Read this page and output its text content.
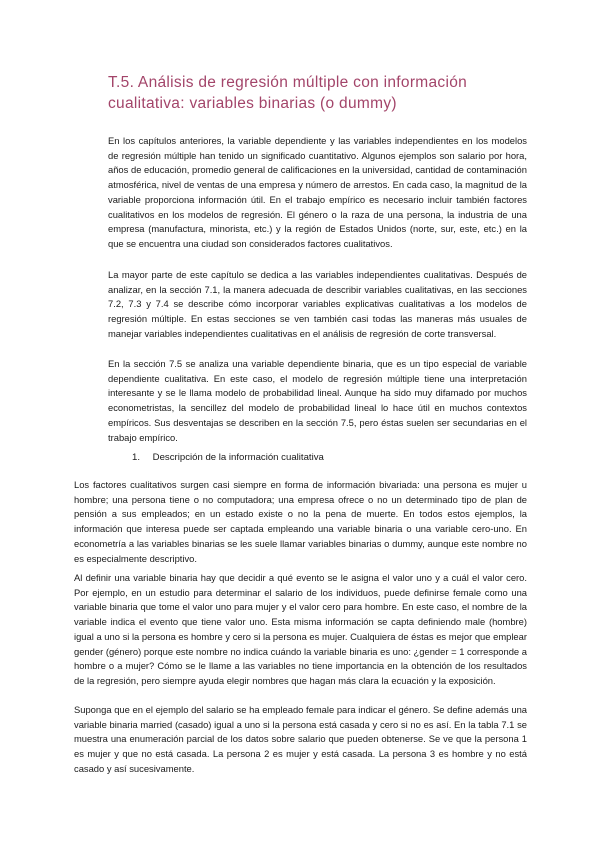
T.5. Análisis de regresión múltiple con información cualitativa: variables binarias (o dummy)

En los capítulos anteriores, la variable dependiente y las variables independientes en los modelos de regresión múltiple han tenido un significado cuantitativo. Algunos ejemplos son salario por hora, años de educación, promedio general de calificaciones en la universidad, cantidad de contaminación atmosférica, nivel de ventas de una empresa y número de arrestos. En cada caso, la magnitud de la variable proporciona información útil. En el trabajo empírico es necesario incluir también factores cualitativos en los modelos de regresión. El género o la raza de una persona, la industria de una empresa (manufactura, minorista, etc.) y la región de Estados Unidos (norte, sur, este, etc.) en la que se encuentra una ciudad son considerados factores cualitativos.

La mayor parte de este capítulo se dedica a las variables independientes cualitativas. Después de analizar, en la sección 7.1, la manera adecuada de describir variables cualitativas, en las secciones 7.2, 7.3 y 7.4 se describe cómo incorporar variables explicativas cualitativas a los modelos de regresión múltiple. En estas secciones se ven también casi todas las maneras más usuales de manejar variables independientes cualitativas en el análisis de regresión de corte transversal.

En la sección 7.5 se analiza una variable dependiente binaria, que es un tipo especial de variable dependiente cualitativa. En este caso, el modelo de regresión múltiple tiene una interpretación interesante y se le llama modelo de probabilidad lineal. Aunque ha sido muy difamado por muchos econometristas, la sencillez del modelo de probabilidad lineal lo hace útil en muchos contextos empíricos. Sus desventajas se describen en la sección 7.5, pero éstas suelen ser secundarias en el trabajo empírico.

1. Descripción de la información cualitativa

Los factores cualitativos surgen casi siempre en forma de información bivariada: una persona es mujer u hombre; una persona tiene o no computadora; una empresa ofrece o no un determinado tipo de plan de pensión a sus empleados; en un estado existe o no la pena de muerte. En todos estos ejemplos, la información que interesa puede ser captada empleando una variable binaria o una variable cero-uno. En econometría a las variables binarias se les suele llamar variables binarias o dummy, aunque este nombre no es especialmente descriptivo.

Al definir una variable binaria hay que decidir a qué evento se le asigna el valor uno y a cuál el valor cero. Por ejemplo, en un estudio para determinar el salario de los individuos, puede definirse female como una variable binaria que tome el valor uno para mujer y el valor cero para hombre. En este caso, el nombre de la variable indica el evento que tiene valor uno. Esta misma información se capta definiendo male (hombre) igual a uno si la persona es hombre y cero si la persona es mujer. Cualquiera de éstas es mejor que emplear gender (género) porque este nombre no indica cuándo la variable binaria es uno: ¿gender = 1 corresponde a hombre o a mujer? Cómo se le llame a las variables no tiene importancia en la obtención de los resultados de la regresión, pero siempre ayuda elegir nombres que hagan más clara la ecuación y la exposición.

Suponga que en el ejemplo del salario se ha empleado female para indicar el género. Se define además una variable binaria married (casado) igual a uno si la persona está casada y cero si no es así. En la tabla 7.1 se muestra una enumeración parcial de los datos sobre salario que pueden obtenerse. Se ve que la persona 1 es mujer y que no está casada. La persona 2 es mujer y está casada. La persona 3 es hombre y no está casado y así sucesivamente.
